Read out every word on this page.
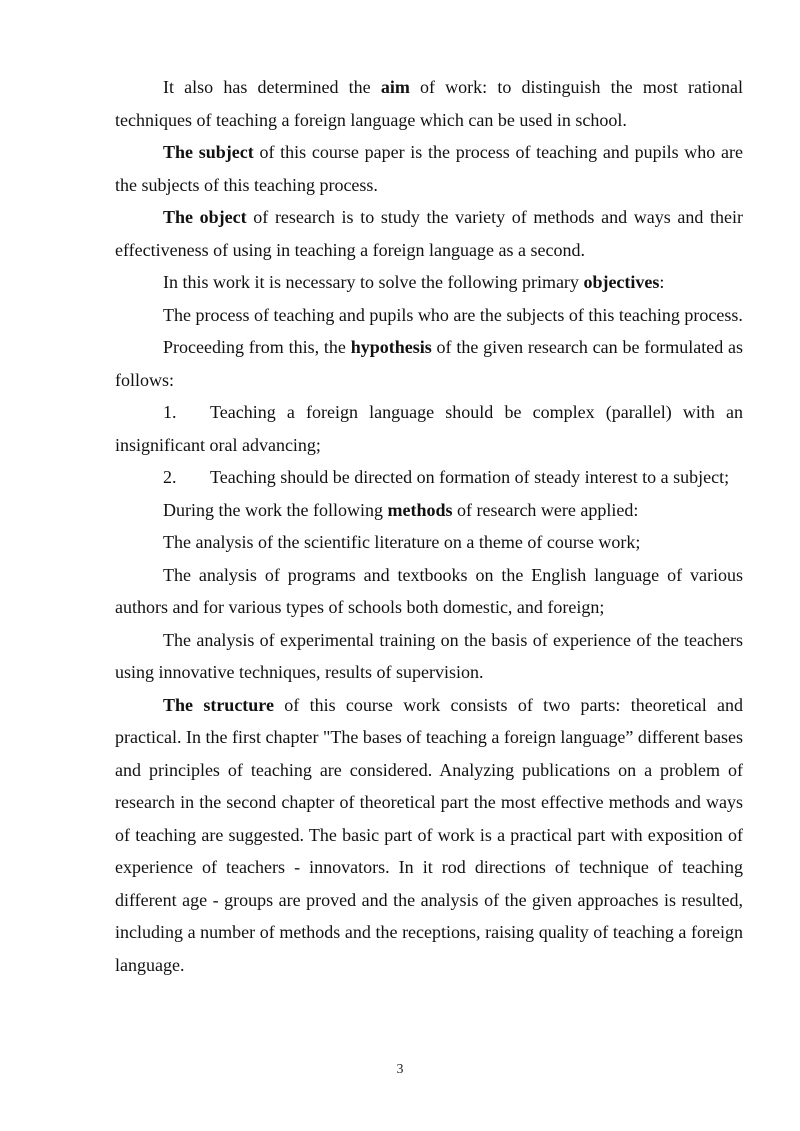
It also has determined the aim of work: to distinguish the most rational techniques of teaching a foreign language which can be used in school.

The subject of this course paper is the process of teaching and pupils who are the subjects of this teaching process.

The object of research is to study the variety of methods and ways and their effectiveness of using in teaching a foreign language as a second.

In this work it is necessary to solve the following primary objectives:

The process of teaching and pupils who are the subjects of this teaching process.

Proceeding from this, the hypothesis of the given research can be formulated as follows:

1. Teaching a foreign language should be complex (parallel) with an insignificant oral advancing;

2. Teaching should be directed on formation of steady interest to a subject;

During the work the following methods of research were applied:

The analysis of the scientific literature on a theme of course work;

The analysis of programs and textbooks on the English language of various authors and for various types of schools both domestic, and foreign;

The analysis of experimental training on the basis of experience of the teachers using innovative techniques, results of supervision.

The structure of this course work consists of two parts: theoretical and practical. In the first chapter "The bases of teaching a foreign language” different bases and principles of teaching are considered. Analyzing publications on a problem of research in the second chapter of theoretical part the most effective methods and ways of teaching are suggested. The basic part of work is a practical part with exposition of experience of teachers - innovators. In it rod directions of technique of teaching different age - groups are proved and the analysis of the given approaches is resulted, including a number of methods and the receptions, raising quality of teaching a foreign language.

3
